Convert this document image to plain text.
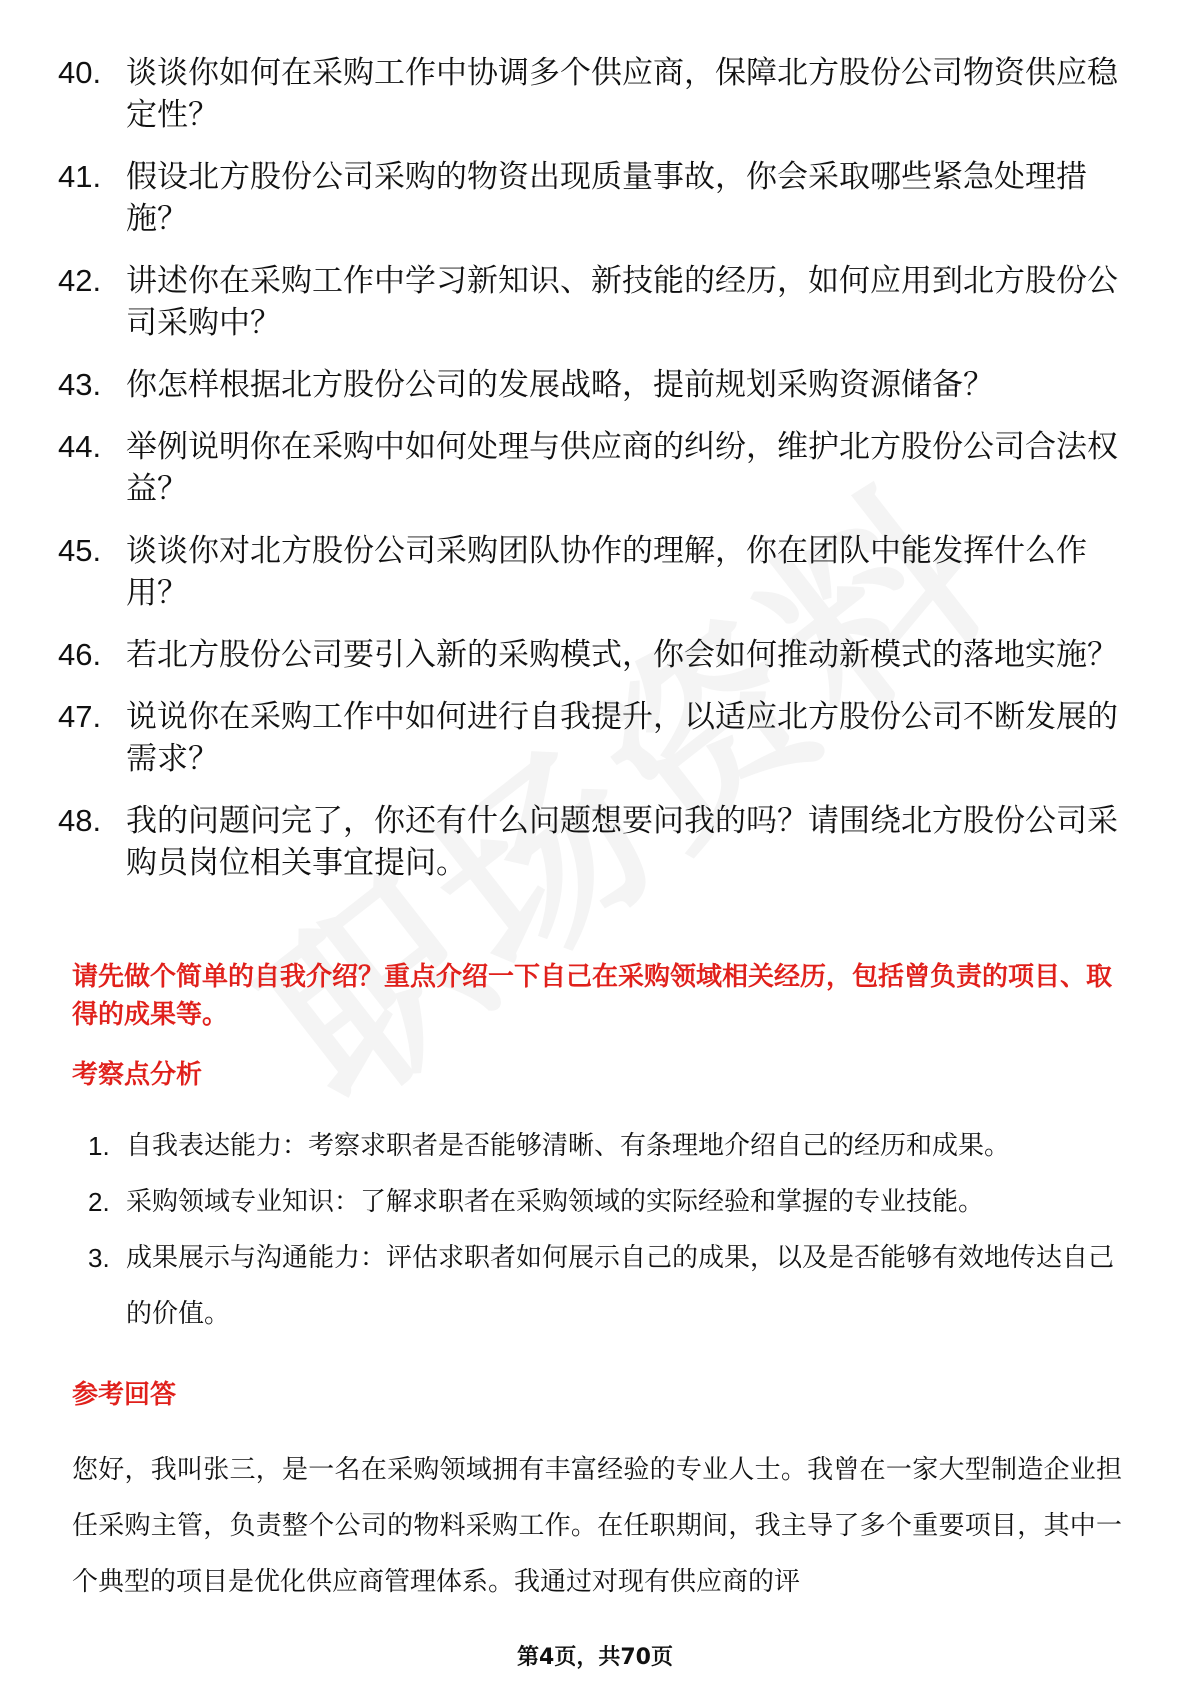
40. 谈谈你如何在采购工作中协调多个供应商，保障北方股份公司物资供应稳定性？
41. 假设北方股份公司采购的物资出现质量事故，你会采取哪些紧急处理措施？
42. 讲述你在采购工作中学习新知识、新技能的经历，如何应用到北方股份公司采购中？
43. 你怎样根据北方股份公司的发展战略，提前规划采购资源储备？
44. 举例说明你在采购中如何处理与供应商的纠纷，维护北方股份公司合法权益？
45. 谈谈你对北方股份公司采购团队协作的理解，你在团队中能发挥什么作用？
46. 若北方股份公司要引入新的采购模式，你会如何推动新模式的落地实施？
47. 说说你在采购工作中如何进行自我提升，以适应北方股份公司不断发展的需求？
48. 我的问题问完了，你还有什么问题想要问我的吗？请围绕北方股份公司采购员岗位相关事宜提问。
请先做个简单的自我介绍？重点介绍一下自己在采购领域相关经历，包括曾负责的项目、取得的成果等。
考察点分析
1. 自我表达能力：考察求职者是否能够清晰、有条理地介绍自己的经历和成果。
2. 采购领域专业知识：了解求职者在采购领域的实际经验和掌握的专业技能。
3. 成果展示与沟通能力：评估求职者如何展示自己的成果，以及是否能够有效地传达自己的价值。
参考回答
您好，我叫张三，是一名在采购领域拥有丰富经验的专业人士。我曾在一家大型制造企业担任采购主管，负责整个公司的物料采购工作。在任职期间，我主导了多个重要项目，其中一个典型的项目是优化供应商管理体系。我通过对现有供应商的评
第4页，共70页
